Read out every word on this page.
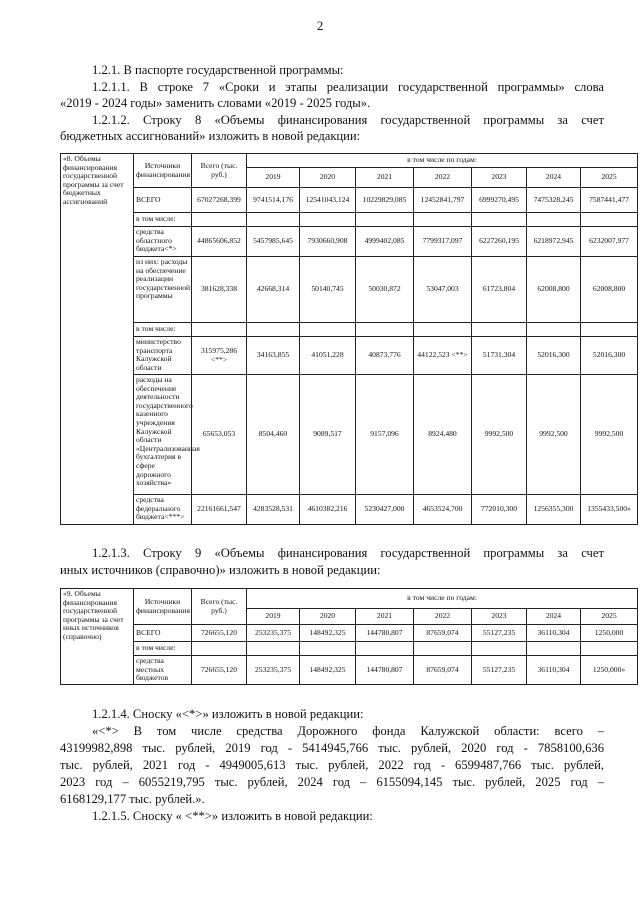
2
1.2.1. В паспорте государственной программы:
1.2.1.1. В строке 7 «Сроки и этапы реализации государственной программы» слова
«2019 - 2024 годы» заменить словами «2019 - 2025 годы».
1.2.1.2. Строку 8 «Объемы финансирования государственной программы за счет
бюджетных ассигнований» изложить в новой редакции:
«8. Объемы финансирования государственной программы за счет бюджетных ассигнований	Источники финансирования	Всего (тыс. руб.)	в том числе по годам:						
			2019	2020	2021	2022	2023	2024	2025
	ВСЕГО	67027268,399	9741514,176	12541043,124	10229829,085	12452841,797	6999270,495	7475328,245	7587441,477
	в том числе:								
	средства областного бюджета<*>	44865606,852	5457985,645	7930660,908	4999402,085	7799317,097	6227260,195	6218972,945	6232007,977
	из них: расходы на обеспечение реализации государственной программы	381628,338	42668,314	50140,745	50030,872	53047,003	61723,804	62008,800	62008,800
	в том числе:								
	министерство транспорта Калужской области	315975,286 <**>	34163,855	41051,228	40873,776	44122,523 <**>	51731,304	52016,300	52016,300
	расходы на обеспечение деятельности государственного казенного учреждения Калужской области «Централизованная бухгалтерия в сфере дорожного хозяйства»	65653,053	8504,460	9089,517	9157,096	8924,480	9992,500	9992,500	9992,500
	средства федерального бюджета<***>	22161661,547	4283528,531	4610382,216	5230427,000	4653524,700	772010,300	1256355,300	1355433,500»
1.2.1.3. Строку 9 «Объемы финансирования государственной программы за счет
иных источников (справочно)» изложить в новой редакции:
«9. Объемы финансирования государственной программы за счет иных источников (справочно)	Источники финансирования	Всего (тыс. руб.)	в том числе по годам:						
			2019	2020	2021	2022	2023	2024	2025
	ВСЕГО	726655,120	253235,375	148492,325	144780,807	87659,074	55127,235	36110,304	1250,000
	в том числе:								
	средства местных бюджетов	726655,120	253235,375	148492,325	144780,807	87659,074	55127,235	36110,304	1250,000»
1.2.1.4. Сноску «<*>» изложить в новой редакции:
«<*> В том числе средства Дорожного фонда Калужской области: всего –
43199982,898 тыс. рублей, 2019 год - 5414945,766 тыс. рублей, 2020 год - 7858100,636
тыс. рублей, 2021 год - 4949005,613 тыс. рублей, 2022 год - 6599487,766 тыс. рублей,
2023 год – 6055219,795 тыс. рублей, 2024 год – 6155094,145 тыс. рублей, 2025 год –
6168129,177 тыс. рублей.».
1.2.1.5. Сноску « <**>» изложить в новой редакции:
